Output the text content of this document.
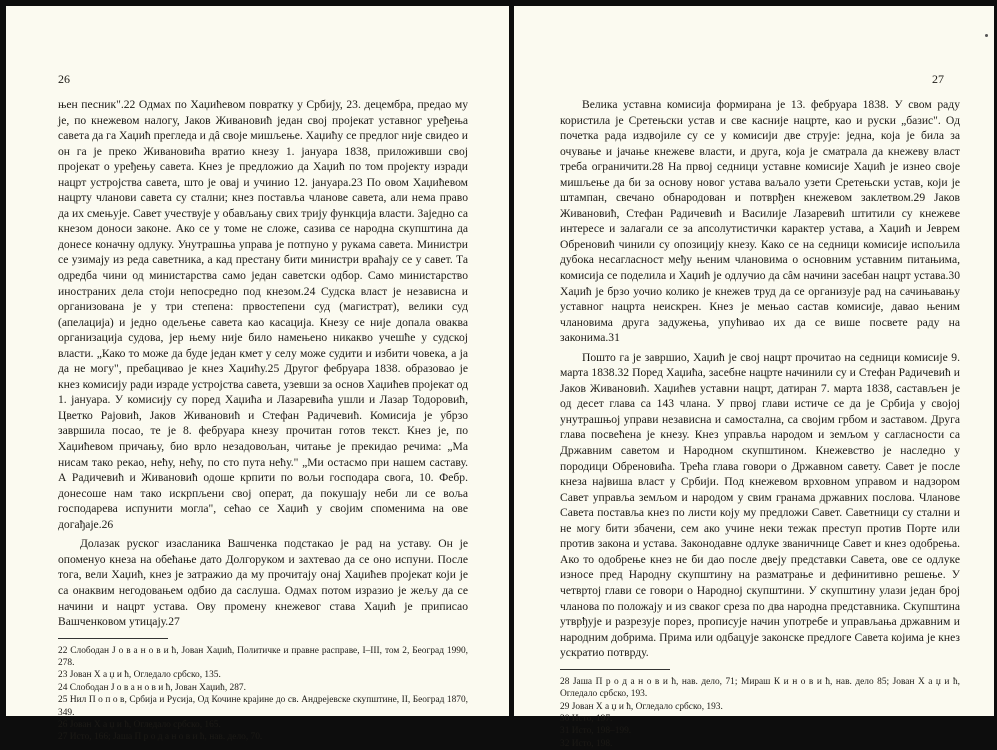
26

њен песник".22 Одмах по Хаџићевом повратку у Србију, 23. децембра, предао му је, по кнежевом налогу, Јаков Живановић један свој пројекат уставног уређења савета да га Хаџић прегледа и дâ своје мишљење. Хаџићу се предлог није свидео и он га је преко Живановића вратио кнезу 1. јануара 1838, приложивши свој пројекат о уређењу савета. Кнез је предложио да Хаџић по том пројекту изради нацрт устројства савета, што је овај и учинио 12. јануара.23 По овом Хаџићевом нацрту чланови савета су стални; кнез поставља чланове савета, али нема право да их смењује. Савет учествује у обављању свих трију функција власти. Заједно са кнезом доноси законе. Ако се у томе не сложе, сазива се народна скупштина да донесе коначну одлуку. Унутрашња управа је потпуно у рукама савета. Министри се узимају из реда саветника, а кад престану бити министри враћају се у савет. Та одредба чини од министарства само један саветски одбор. Само министарство иностраних дела стоји непосредно под кнезом.24 Судска власт је независна и организована је у три степена: првостепени суд (магистрат), велики суд (апелација) и једно одељење савета као касација. Кнезу се није допала оваква организација судова, јер њему није било намењено никакво учешће у судској власти. „Како то може да буде један кмет у селу може судити и избити човека, а ја да не могу", пребацивао је кнез Хаџићу.25 Другог фебруара 1838. образовао је кнез комисију ради израде устројства савета, узевши за основ Хаџићев пројекат од 1. јануара. У комисију су поред Хаџића и Лазаревића ушли и Лазар Тодоровић, Цветко Рајовић, Јаков Живановић и Стефан Радичевић. Комисија је убрзо завршила посао, те је 8. фебруара кнезу прочитан готов текст. Кнез је, по Хаџићевом причању, био врло незадовољан, читање је прекидао речима: „Ма нисам тако рекао, нећу, нећу, по сто пута нећу." „Ми остасмо при нашем саставу. А Радичевић и Живановић одоше крпити по вољи господара свога, 10. Фебр. донесоше нам тако искрпљени свој операт, да покушају неби ли се воља господарева испунити могла", сећао се Хаџић у својим споменима на ове догађаје.26

Долазак руског изасланика Вашченка подстакао је рад на уставу. Он је опоменуо кнеза на обећање дато Долгоруком и захтевао да се оно испуни. После тога, вели Хаџић, кнез је затражио да му прочитају онај Хаџићев пројекат који је са онаквим негодовањем одбио да саслуша. Одмах потом изразио је жељу да се начини и нацрт устава. Ову промену кнежевог става Хаџић је приписао Вашченковом утицају.27

22 Слободан Ј о в а н о в и ћ, Јован Хаџић, Политичке и правне расправе, I–III, том 2, Београд 1990, 278.

23 Јован Х а џ и ћ, Огледало србско, 135.

24 Слободан Ј о в а н о в и ћ, Јован Хаџић, 287.

25 Нил П о п о в, Србија и Русија, Од Кочине крајине до св. Андрејевске скупштине, II, Београд 1870, 349.

26 Јован Х а џ и ћ, Огледало србско, 165.

27 Исто, 166; Јаша П р о д а н о в и ћ, нав. дело, 70.

27

Велика уставна комисија формирана је 13. фебруара 1838. У свом раду користила је Сретењски устав и све касније нацрте, као и руски „базис". Од почетка рада издвојиле су се у комисији две струје: једна, која је била за очување и јачање кнежеве власти, и друга, која је сматрала да кнежеву власт треба ограничити.28 На првој седници уставне комисије Хаџић је изнео своје мишљење да би за основу новог устава ваљало узети Сретењски устав, који је штампан, свечано обнародован и потврђен кнежевом заклетвом.29 Јаков Живановић, Стефан Радичевић и Василије Лазаревић штитили су кнежеве интересе и залагали се за апсолутистички карактер устава, а Хаџић и Јеврем Обреновић чинили су опозицију кнезу. Како се на седници комисије испољила дубока несагласност међу њеним члановима о основним уставним питањима, комисија се поделила и Хаџић је одлучио да сâм начини засебан нацрт устава.30 Хаџић је брзо уочио колико је кнежев труд да се организује рад на сачињавању уставног нацрта неискрен. Кнез је мењао састав комисије, давао њеним члановима друга задужења, упућивао их да се више посвете раду на законима.31

Пошто га је завршио, Хаџић је свој нацрт прочитао на седници комисије 9. марта 1838.32 Поред Хаџића, засебне нацрте начинили су и Стефан Радичевић и Јаков Живановић. Хаџићев уставни нацрт, датиран 7. марта 1838, састављен је од десет глава са 143 члана. У првој глави истиче се да је Србија у својој унутрашњој управи независна и самостална, са својим грбом и заставом. Друга глава посвећена је кнезу. Кнез управља народом и земљом у сагласности са Државним саветом и Народном скупштином. Кнежевство је наследно у породици Обреновића. Трећа глава говори о Државном савету. Савет је после кнеза највиша власт у Србији. Под кнежевом врховном управом и надзором Савет управља земљом и народом у свим гранама државних послова. Чланове Савета поставља кнез по листи коју му предложи Савет. Саветници су стални и не могу бити збачени, сем ако учине неки тежак преступ против Порте или против закона и устава. Законодавне одлуке званичнице Савет и кнез одобрења. Ако то одобрење кнез не би дао после двеју представки Савета, ове се одлуке износе пред Народну скупштину на разматрање и дефинитивно решење. У четвртој глави се говори о Народној скупштини. У скупштину улази један број чланова по положају и из сваког среза по два народна представника. Скупштина утврђује и разрезује порез, прописује начин употребе и управљања државним и народним добрима. Прима или одбацује законске предлоге Савета којима је кнез ускратио потврду.

28 Јаша П р о д а н о в и ћ, нав. дело, 71; Мираш К и н о в и ћ, нав. дело 85; Јован Х а џ и ћ, Огледало србско, 193.

29 Јован Х а џ и ћ, Огледало србско, 193.

30 Исто, 197.

31 Исто, 198–199.

32 Исто, 198.
